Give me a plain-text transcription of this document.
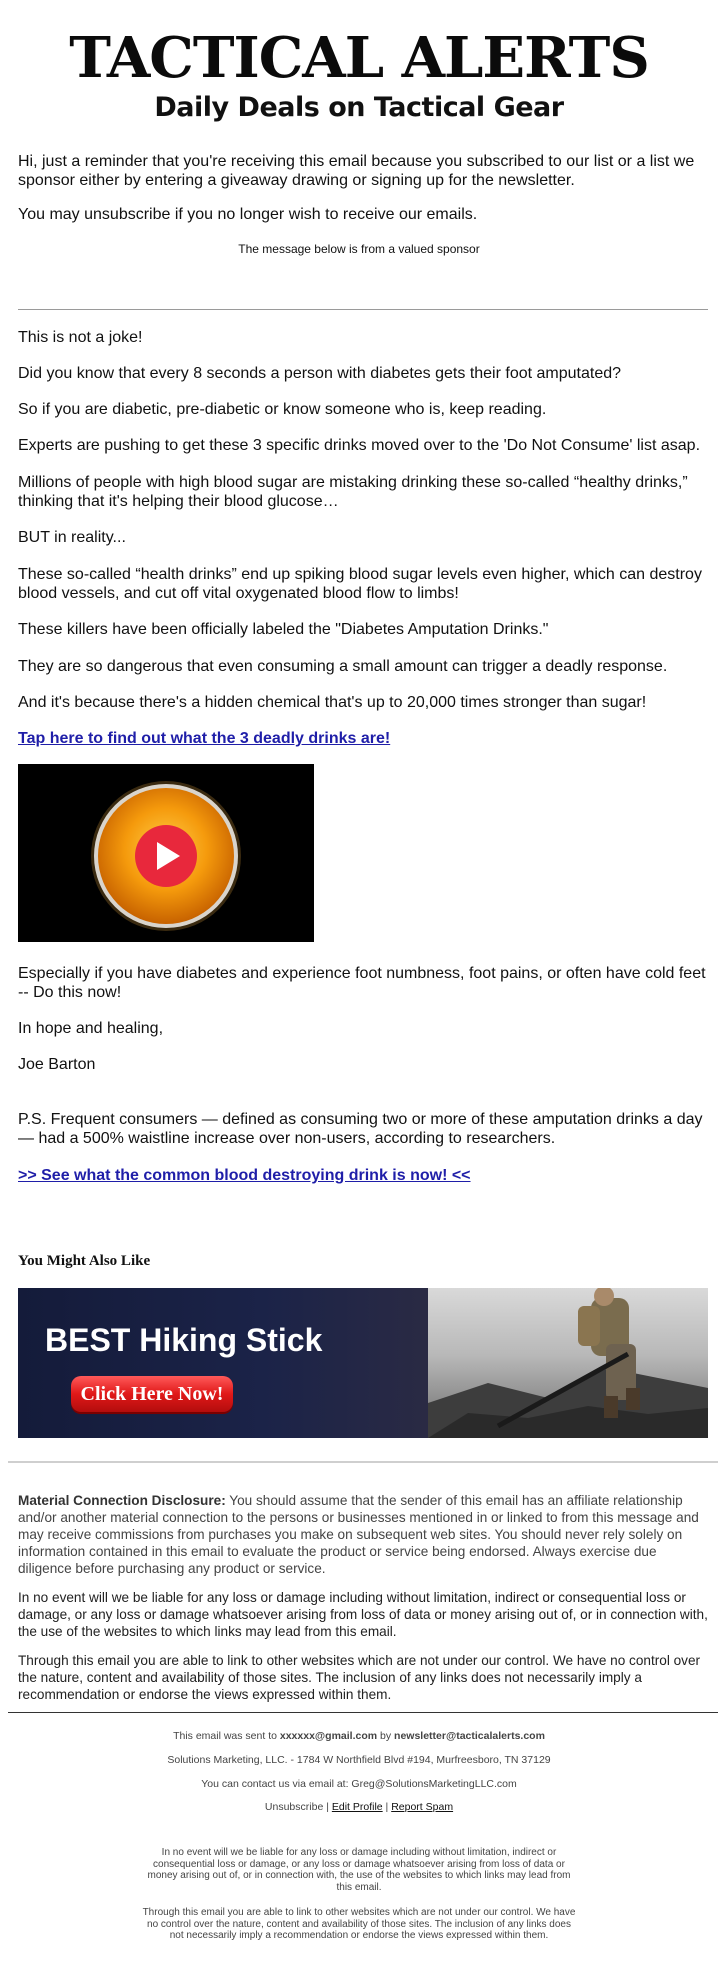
TACTICAL ALERTS
Daily Deals on Tactical Gear

Hi, just a reminder that you're receiving this email because you subscribed to our list or a list we sponsor either by entering a giveaway drawing or signing up for the newsletter.

You may unsubscribe if you no longer wish to receive our emails.

The message below is from a valued sponsor

This is not a joke!

Did you know that every 8 seconds a person with diabetes gets their foot amputated?

So if you are diabetic, pre-diabetic or know someone who is, keep reading.

Experts are pushing to get these 3 specific drinks moved over to the 'Do Not Consume' list asap.

Millions of people with high blood sugar are mistaking drinking these so-called “healthy drinks,” thinking that it's helping their blood glucose…

BUT in reality...

These so-called “health drinks” end up spiking blood sugar levels even higher, which can destroy blood vessels, and cut off vital oxygenated blood flow to limbs!

These killers have been officially labeled the "Diabetes Amputation Drinks."

They are so dangerous that even consuming a small amount can trigger a deadly response.

And it's because there's a hidden chemical that's up to 20,000 times stronger than sugar!

Tap here to find out what the 3 deadly drinks are!

Especially if you have diabetes and experience foot numbness, foot pains, or often have cold feet -- Do this now!

In hope and healing,

Joe Barton

P.S. Frequent consumers — defined as consuming two or more of these amputation drinks a day — had a 500% waistline increase over non-users, according to researchers.

>> See what the common blood destroying drink is now! <<

You Might Also Like
BEST Hiking Stick
Click Here Now!

Material Connection Disclosure: You should assume that the sender of this email has an affiliate relationship and/or another material connection to the persons or businesses mentioned in or linked to from this message and may receive commissions from purchases you make on subsequent web sites. You should never rely solely on information contained in this email to evaluate the product or service being endorsed. Always exercise due diligence before purchasing any product or service.

In no event will we be liable for any loss or damage including without limitation, indirect or consequential loss or damage, or any loss or damage whatsoever arising from loss of data or money arising out of, or in connection with, the use of the websites to which links may lead from this email.

Through this email you are able to link to other websites which are not under our control. We have no control over the nature, content and availability of those sites. The inclusion of any links does not necessarily imply a recommendation or endorse the views expressed within them.

This email was sent to xxxxxx@gmail.com by newsletter@tacticalalerts.com
Solutions Marketing, LLC. - 1784 W Northfield Blvd #194, Murfreesboro, TN 37129
You can contact us via email at: Greg@SolutionsMarketingLLC.com
Unsubscribe | Edit Profile | Report Spam

In no event will we be liable for any loss or damage including without limitation, indirect or consequential loss or damage, or any loss or damage whatsoever arising from loss of data or money arising out of, or in connection with, the use of the websites to which links may lead from this email.

Through this email you are able to link to other websites which are not under our control. We have no control over the nature, content and availability of those sites. The inclusion of any links does not necessarily imply a recommendation or endorse the views expressed within them.
